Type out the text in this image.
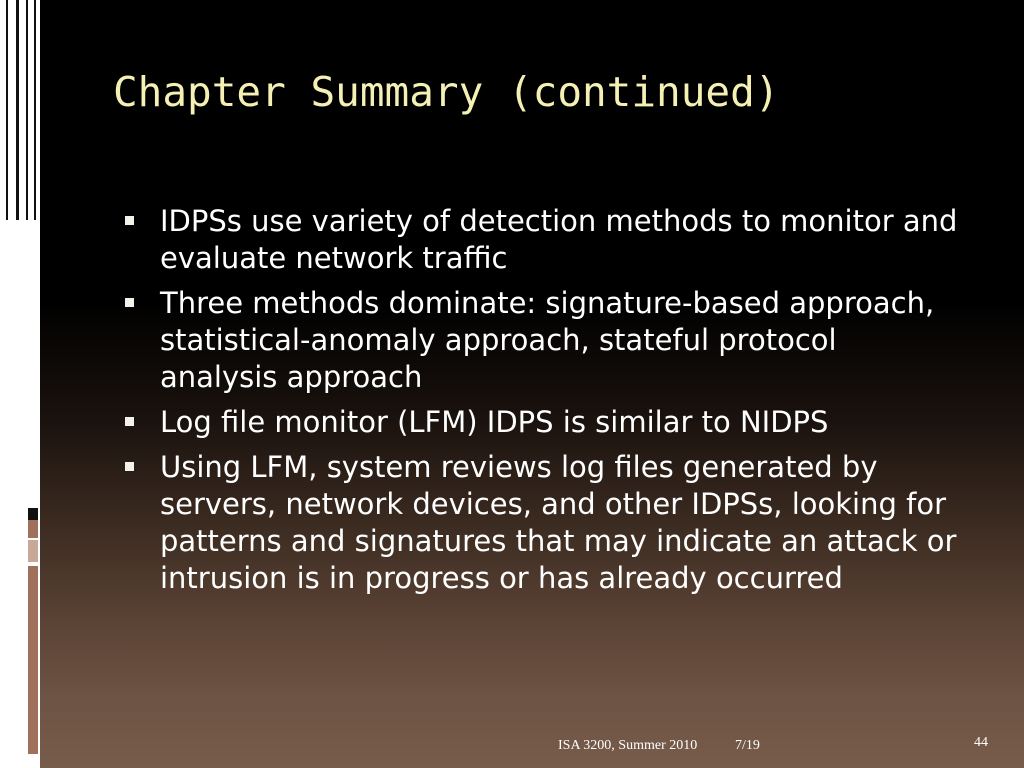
Chapter Summary (continued)
IDPSs use variety of detection methods to monitor and evaluate network traffic
Three methods dominate: signature-based approach, statistical-anomaly approach, stateful protocol analysis approach
Log file monitor (LFM) IDPS is similar to NIDPS
Using LFM, system reviews log files generated by servers, network devices, and other IDPSs, looking for patterns and signatures that may indicate an attack or intrusion is in progress or has already occurred
ISA 3200, Summer 2010	7/19	44
